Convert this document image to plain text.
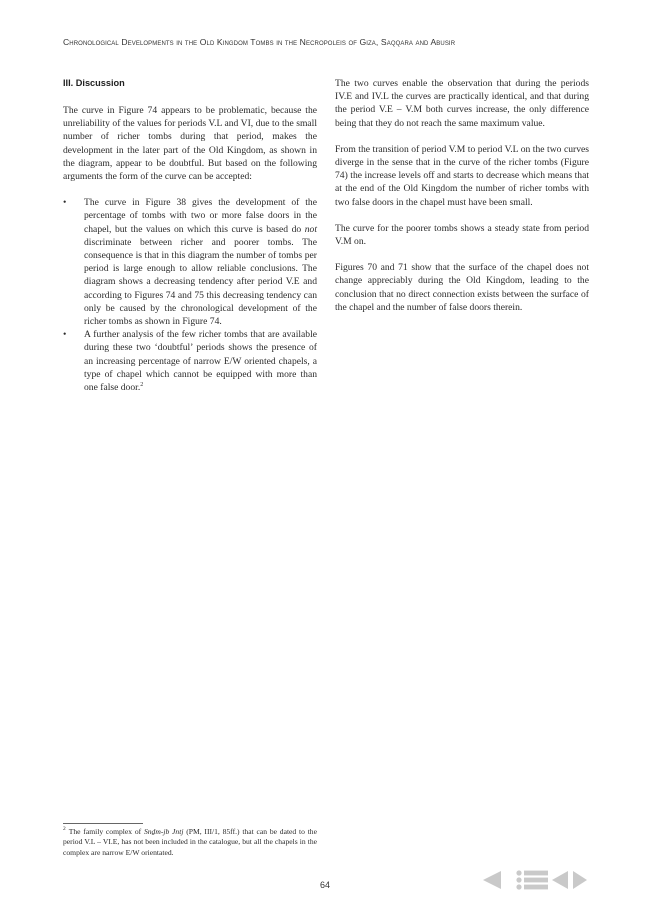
Chronological Developments in the Old Kingdom Tombs in the Necropoleis of Giza, Saqqara and Abusir
III. Discussion

The curve in Figure 74 appears to be problematic, because the unreliability of the values for periods V.L and VI, due to the small number of richer tombs during that period, makes the development in the later part of the Old Kingdom, as shown in the diagram, appear to be doubtful. But based on the following arguments the form of the curve can be accepted:

•	The curve in Figure 38 gives the development of the percentage of tombs with two or more false doors in the chapel, but the values on which this curve is based do not discriminate between richer and poorer tombs. The consequence is that in this diagram the number of tombs per period is large enough to allow reliable conclusions. The diagram shows a decreasing tendency after period V.E and according to Figures 74 and 75 this decreasing tendency can only be caused by the chronological development of the richer tombs as shown in Figure 74.
•	A further analysis of the few richer tombs that are available during these two ‘doubtful’ periods shows the presence of an increasing percentage of narrow E/W oriented chapels, a type of chapel which cannot be equipped with more than one false door.$^2$

The two curves enable the observation that during the periods IV.E and IV.L the curves are practically identical, and that during the period V.E – V.M both curves increase, the only difference being that they do not reach the same maximum value.

From the transition of period V.M to period V.L on the two curves diverge in the sense that in the curve of the richer tombs (Figure 74) the increase levels off and starts to decrease which means that at the end of the Old Kingdom the number of richer tombs with two false doors in the chapel must have been small.

The curve for the poorer tombs shows a steady state from period V.M on.

Figures 70 and 71 show that the surface of the chapel does not change appreciably during the Old Kingdom, leading to the conclusion that no direct connection exists between the surface of the chapel and the number of false doors therein.

$^2$ The family complex of Snḏm-jb Jntj (PM, III/1, 85ff.) that can be dated to the period V.L – VI.E, has not been included in the catalogue, but all the chapels in the complex are narrow E/W orientated.
64
